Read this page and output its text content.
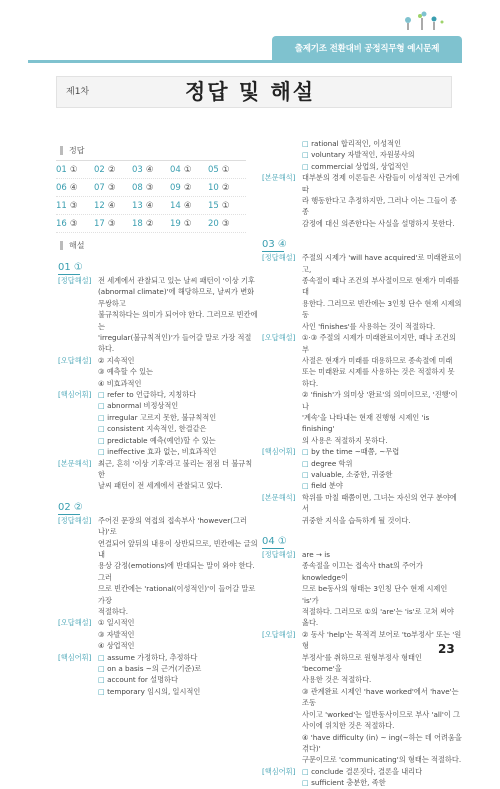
출제기조 전환대비 공정직무형 예시문제
제1차	정답 및 해설
정답
01 ① 02 ② 03 ④ 04 ① 05 ①
06 ④ 07 ③ 08 ③ 09 ② 10 ②
11 ③ 12 ④ 13 ④ 14 ④ 15 ①
16 ③ 17 ③ 18 ② 19 ① 20 ③
해설
01 ①
[정답해설] 전 세계에서 관찰되고 있는 날씨 패턴이 '이상 기후
(abnormal climate)'에 해당하므로, 날씨가 변화무쌍하고
불규칙하다는 의미가 되어야 한다. 그러므로 빈칸에는
'irregular(불규칙적인)'가 들어갈 말로 가장 적절하다.
[오답해설] ② 지속적인
③ 예측할 수 있는
④ 비효과적인
[핵심어휘] □ refer to 언급하다, 지칭하다
□ abnormal 비정상적인
□ irregular 고르지 못한, 불규칙적인
□ consistent 지속적인, 한결같은
□ predictable 예측(예언)할 수 있는
□ ineffective 효과 없는, 비효과적인
[본문해석] 최근, 흔히 '이상 기후'라고 불리는 점점 더 불규칙한
날씨 패턴이 전 세계에서 관찰되고 있다.
02 ②
[정답해설] 주어진 문장의 역접의 접속부사 'however(그러나)'로
연결되어 앞뒤의 내용이 상반되므로, 빈칸에는 글의 내
용상 감정(emotions)에 반대되는 말이 와야 한다. 그러
므로 빈칸에는 'rational(이성적인)'이 들어갈 말로 가장
적절하다.
[오답해설] ① 일시적인
③ 자발적인
④ 상업적인
[핵심어휘] □ assume 가정하다, 추정하다
□ on a basis ~의 근거(기준)로
□ account for 설명하다
□ temporary 임시의, 일시적인
□ rational 합리적인, 이성적인
□ voluntary 자발적인, 자원봉사의
□ commercial 상업의, 상업적인
[본문해석] 대부분의 경제 이론들은 사람들이 이성적인 근거에 따
라 행동한다고 추정하지만, 그러나 이는 그들이 종종
감정에 대신 의존한다는 사실을 설명하지 못한다.
03 ④
[정답해설] 주절의 시제가 'will have acquired'로 미래완료이고,
종속절이 때나 조건의 부사절이므로 현재가 미래를 대
용한다. 그러므로 빈칸에는 3인칭 단수 현재 시제의 동
사인 'finishes'를 사용하는 것이 적절하다.
[오답해설] ①·③ 주절의 시제가 미래완료이지만, 때나 조건의 부
사절은 현재가 미래를 대용하므로 종속절에 미래
또는 미래완료 시제를 사용하는 것은 적절하지 못
하다.
② 'finish'가 의미상 '완료'의 의미이므로, '진행'이나
'계속'을 나타내는 현재 진행형 시제인 'is finishing'
의 사용은 적절하지 못하다.
[핵심어휘] □ by the time ~때쯤, ~무렵
□ degree 학위
□ valuable, 소중한, 귀중한
□ field 분야
[본문해석] 학위를 마칠 때쯤이면, 그녀는 자신의 연구 분야에서
귀중한 지식을 습득하게 될 것이다.
04 ①
[정답해설] are → is
종속절을 이끄는 접속사 that의 주어가 knowledge이
므로 be동사의 형태는 3인칭 단수 현재 시제인 'is'가
적절하다. 그러므로 ①의 'are'는 'is'로 고쳐 써야 옳다.
[오답해설] ② 동사 'help'는 목적격 보어로 'to부정사' 또는 '원형
부정사'를 취하므로 원형부정사 형태인 'become'을
사용한 것은 적절하다.
③ 관계완료 시제인 'have worked'에서 'have'는 조동
사이고 'worked'는 일반동사이므로 부사 'all'이 그
사이에 위치한 것은 적절하다.
④ 'have difficulty (in) ~ ing(~하는 데 어려움을 겪다)'
구문이므로 'communicating'의 형태는 적절하다.
[핵심어휘] □ conclude 결론짓다, 결론을 내리다
□ sufficient 충분한, 족한
23
